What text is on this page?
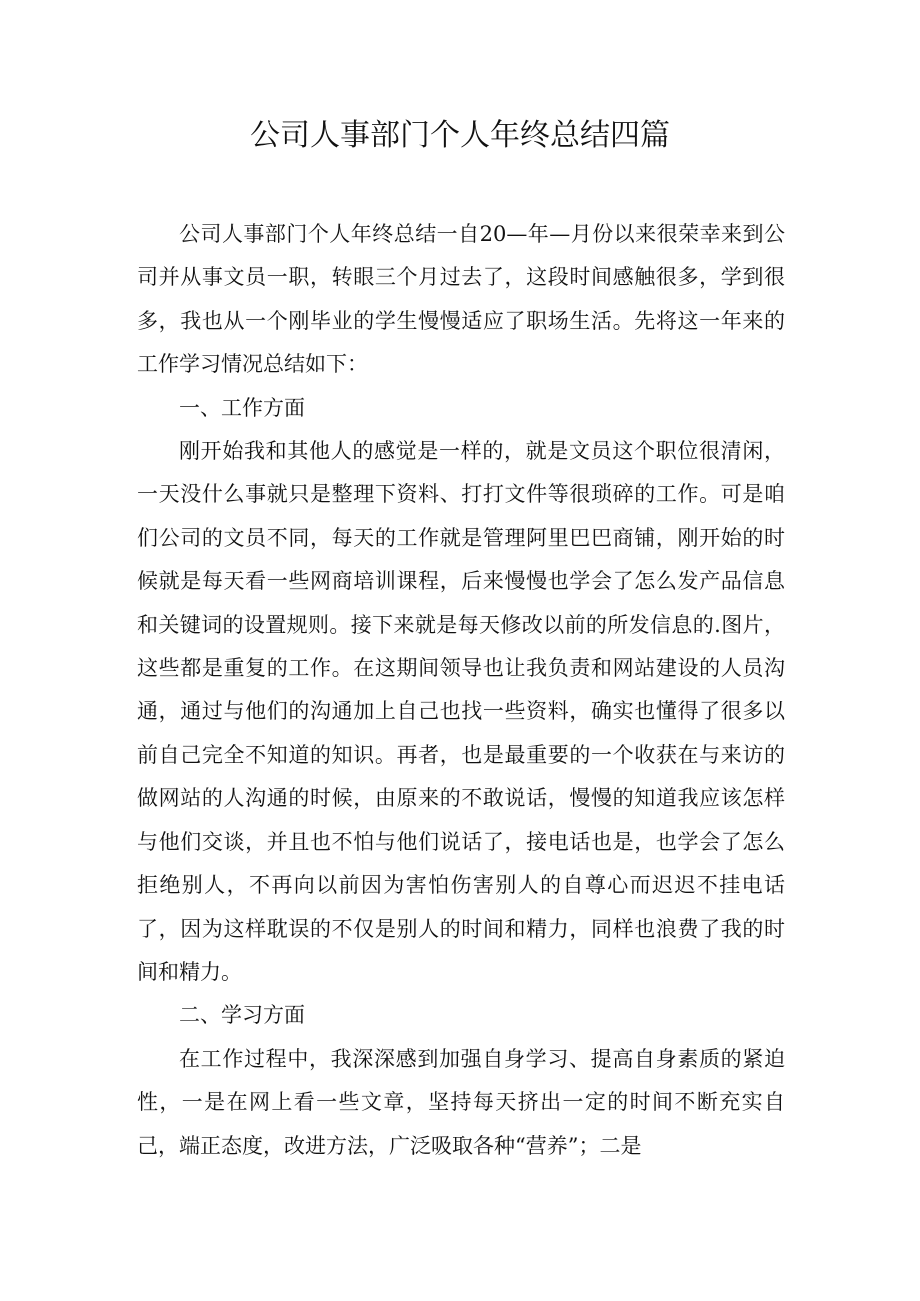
公司人事部门个人年终总结四篇

公司人事部门个人年终总结一自20—年—月份以来很荣幸来到公司并从事文员一职，转眼三个月过去了，这段时间感触很多，学到很多，我也从一个刚毕业的学生慢慢适应了职场生活。先将这一年来的工作学习情况总结如下：

一、工作方面

刚开始我和其他人的感觉是一样的，就是文员这个职位很清闲，一天没什么事就只是整理下资料、打打文件等很琐碎的工作。可是咱们公司的文员不同，每天的工作就是管理阿里巴巴商铺，刚开始的时候就是每天看一些网商培训课程，后来慢慢也学会了怎么发产品信息和关键词的设置规则。接下来就是每天修改以前的所发信息的.图片，这些都是重复的工作。在这期间领导也让我负责和网站建设的人员沟通，通过与他们的沟通加上自己也找一些资料，确实也懂得了很多以前自己完全不知道的知识。再者，也是最重要的一个收获在与来访的做网站的人沟通的时候，由原来的不敢说话，慢慢的知道我应该怎样与他们交谈，并且也不怕与他们说话了，接电话也是，也学会了怎么拒绝别人，不再向以前因为害怕伤害别人的自尊心而迟迟不挂电话了，因为这样耽误的不仅是别人的时间和精力，同样也浪费了我的时间和精力。

二、学习方面

在工作过程中，我深深感到加强自身学习、提高自身素质的紧迫性，一是在网上看一些文章，坚持每天挤出一定的时间不断充实自己，端正态度，改进方法，广泛吸取各种“营养”；二是
